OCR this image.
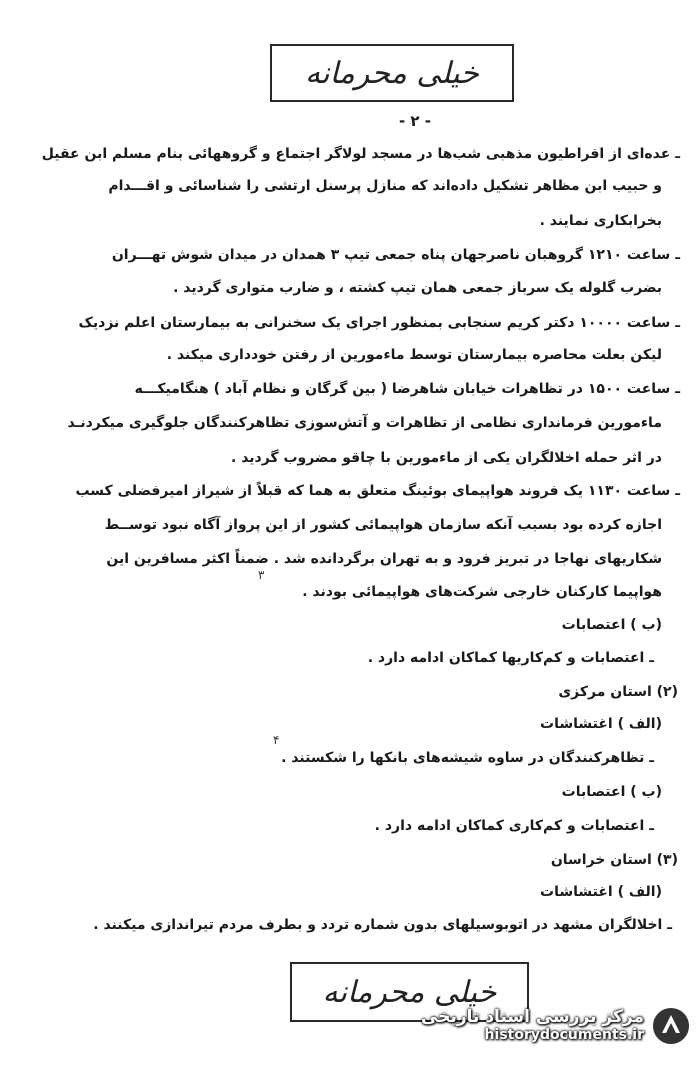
خیلی محرمانه
- ۲ -
ـ عده‌ای از افراطیون مذهبی شب‌ها در مسجد لولاگر اجتماع و گروههائی بنام مسلم ابن عقیل
و حبیب ابن مظاهر تشکیل داده‌اند که منازل پرسنل ارتشی را شناسائی و اقـــدام
بخرابکاری نمایند .
ـ ساعت ۱۲۱۰ گروهبان ناصرجهان پناه جمعی تیپ ۳ همدان در میدان شوش تهـــران
بضرب گلوله یک سرباز جمعی همان تیپ کشته ، و ضارب متواری گردید .
ـ ساعت ۱۰۰۰۰ دکتر کریم سنجابی بمنظور اجرای یک سخنرانی به بیمارستان اعلم نزدیک
لیکن بعلت محاصره بیمارستان توسط ماءمورین از رفتن خودداری میکند .
ـ ساعت ۱۵۰۰ در تظاهرات خیابان شاهرضا ( بین گرگان و نظام آباد ) هنگامیکـــه
ماءمورین فرمانداری نظامی از تظاهرات و آتش‌سوزی تظاهرکنندگان جلوگیری میکردنـد
در اثر حمله اخلالگران یکی از ماءمورین با چاقو مضروب گردید .
ـ ساعت ۱۱۳۰ یک فروند هواپیمای بوئینگ متعلق به هما که قبلاً از شیراز امیرفضلی کسب
اجازه کرده بود بسبب آنکه سازمان هواپیمائی کشور از این پرواز آگاه نبود توســط
شکاریهای نهاجا در تبریز فرود و به تهران برگردانده شد . ضمناً اکثر مسافرین این
هواپیما کارکنان خارجی شرکت‌های هواپیمائی بودند .
۳
(ب ) اعتصابات
ـ اعتصابات و کم‌کاریها کماکان ادامه دارد .
(۲) استان مرکزی
(الف ) اغتشاشات
ـ تظاهرکنندگان در ساوه شیشه‌های بانکها را شکستند .
۴
(ب ) اعتصابات
ـ اعتصابات و کم‌کاری کماکان ادامه دارد .
(۳) استان خراسان
(الف ) اغتشاشات
ـ اخلالگران مشهد در اتوبوسیلهای بدون شماره تردد و بطرف مردم تیراندازی میکنند .
خیلی محرمانه
مرکز بررسی اسناد تاریخی
historydocuments.ir
